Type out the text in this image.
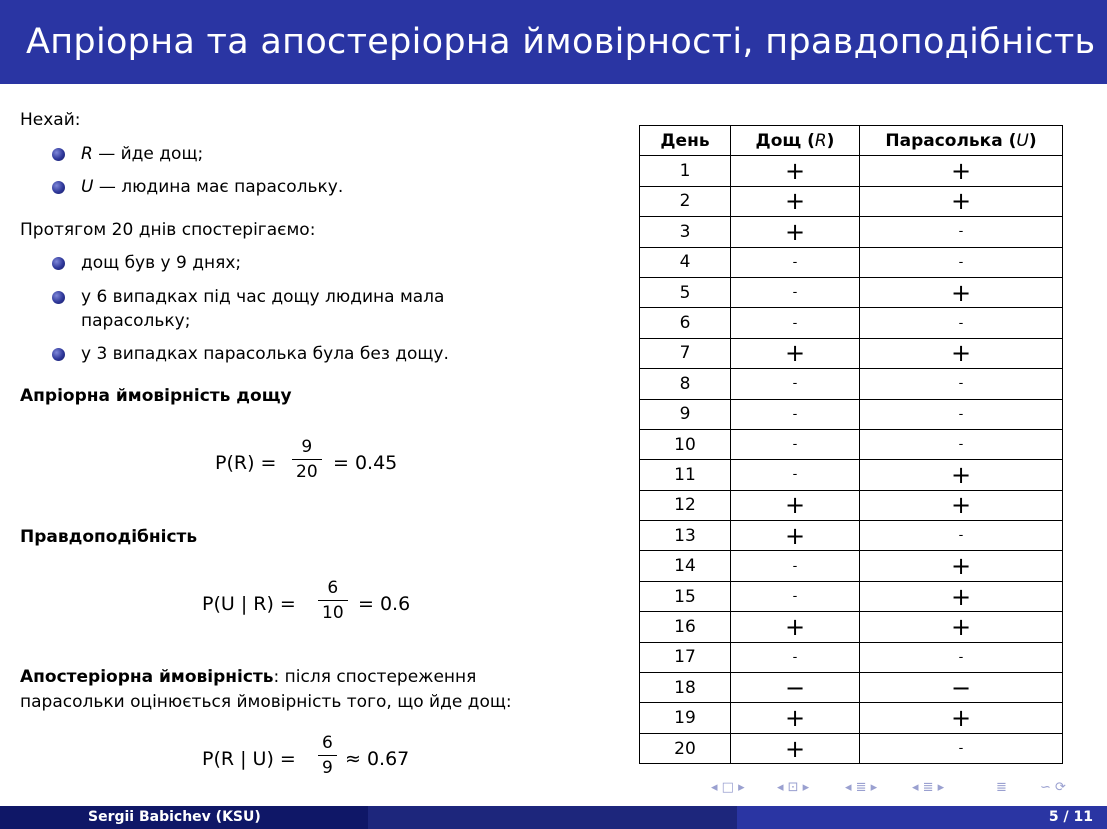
Апріорна та апостеріорна ймовірності, правдоподібність
Нехай:
R — йде дощ;
U — людина має парасольку.
Протягом 20 днів спостерігаємо:
дощ був у 9 днях;
у 6 випадках під час дощу людина мала
парасольку;
у 3 випадках парасолька була без дощу.
Апріорна ймовірність дощу
$P(R) = \frac{9}{20} = 0.45$
Правдоподібність
P(U | $R) = \frac{6}{10} = 0.6$
Апостеріорна ймовірність: після спостереження
парасольки оцінюється ймовірність того, що йде дощ:
P(R | $U) = \frac{6}{9} \approx 0.67$
День	Дощ (R)	Парасолька (U)
1	+	+
2	+	+
3	+	-
4	-	-
5	-	+
6	-	-
7	+	+
8	-	-
9	-	-
10	-	-
11	-	+
12	+	+
13	+	-
14	-	+
15	-	+
16	+	+
17	-	-
18	−	−
19	+	+
20	+	-
◂ □ ▸ ◂ ⊡ ▸	◂ ≣ ▸	◂ ≣ ▸	≣	∽ ⟳
Sergii Babichev (KSU)	5 / 11
